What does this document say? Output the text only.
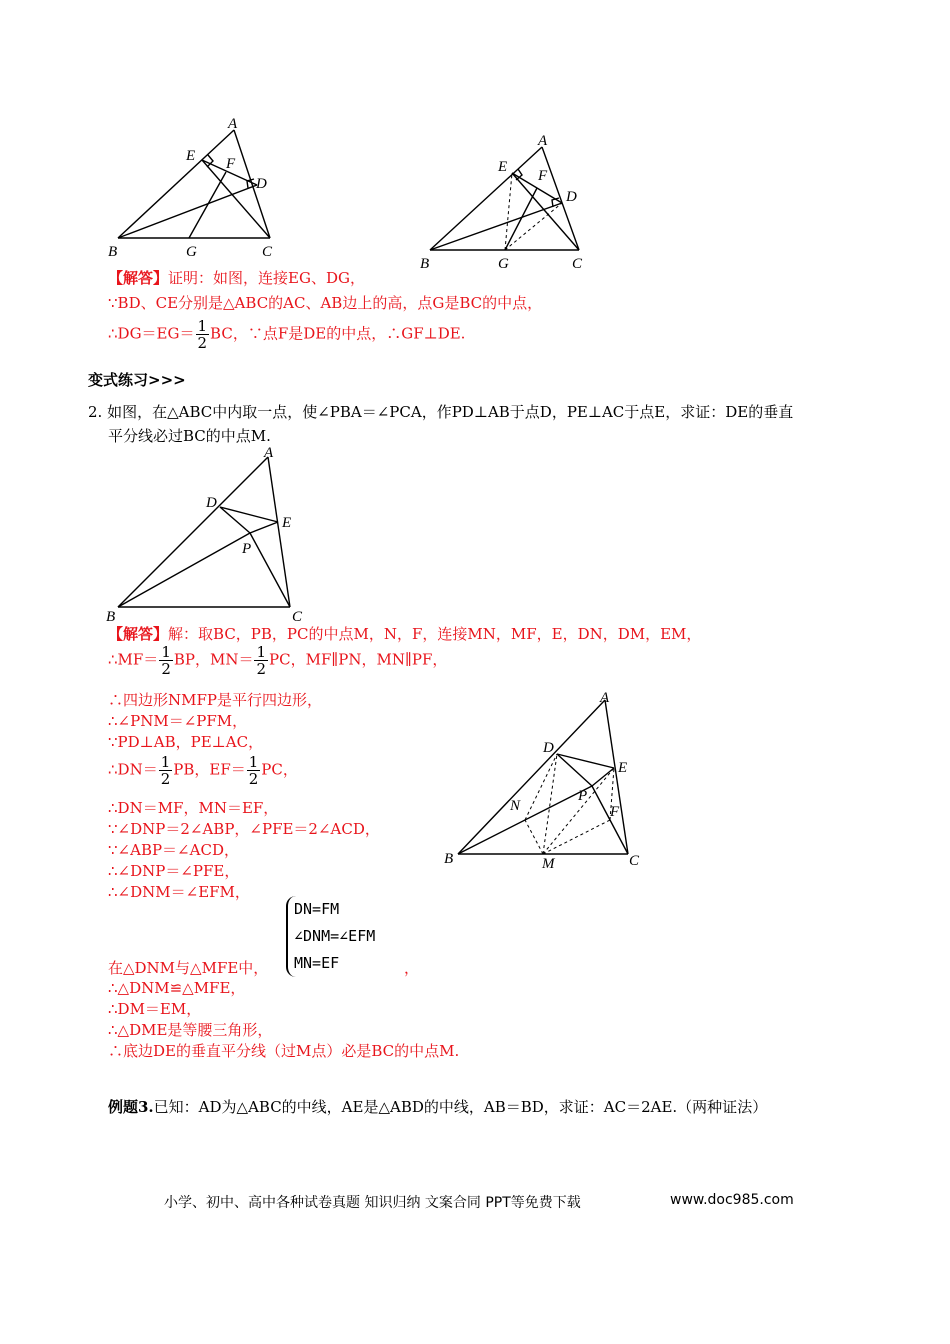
A
E F
D
B	G	C
A
E
F
D
B	G	C
【解答】证明：如图，连接EG、DG，
∵BD、CE分别是△ABC的AC、AB边上的高，点G是BC的中点，
∴DG＝EG＝ $\frac{1}{2}$ BC，∵点F是DE的中点，∴GF⊥DE.
变式练习>>>
2. 如图，在△ABC中内取一点，使∠PBA＝∠PCA，作PD⊥AB于点D，PE⊥AC于点E，求证：DE的垂直
平分线必过BC的中点M.
A
D
E
P
B	C
【解答】解：取BC，PB，PC的中点M，N，F，连接MN，MF，E，DN，DM，EM，
∴MF＝ $\frac{1}{2}$ BP，$MN= \frac{1}{2}$ PC，MF∥PN，MN∥PF，
∴四边形NMFP是平行四边形，
∴∠PNM＝∠PFM，
∵PD⊥AB，PE⊥AC，
∴DN＝ $\frac{1}{2}$ PB，$EF= \frac{1}{2}$ PC，
∴DN＝MF，MN＝EF，
∵∠DNP＝2∠ABP，∠PFE＝2∠ACD，
∵∠ABP＝∠ACD，
∴∠DNP＝∠PFE，
∴∠DNM＝∠EFM，
DN=FM
∠DNM=∠EFM
MN=EF
在△DNM与△MFE中，	，
∴△DNM≌△MFE，
∴DM＝EM，
∴△DME是等腰三角形，
∴底边DE的垂直平分线（过M点）必是BC的中点M.
A
D
E
P
N	F
B	M	C
例题3.已知：AD为△ABC的中线，AE是△ABD的中线，AB＝BD，求证：AC＝2AE.（两种证法）
小学、初中、高中各种试卷真题 知识归纳 文案合同 PPT等免费下载	www.doc985.com
